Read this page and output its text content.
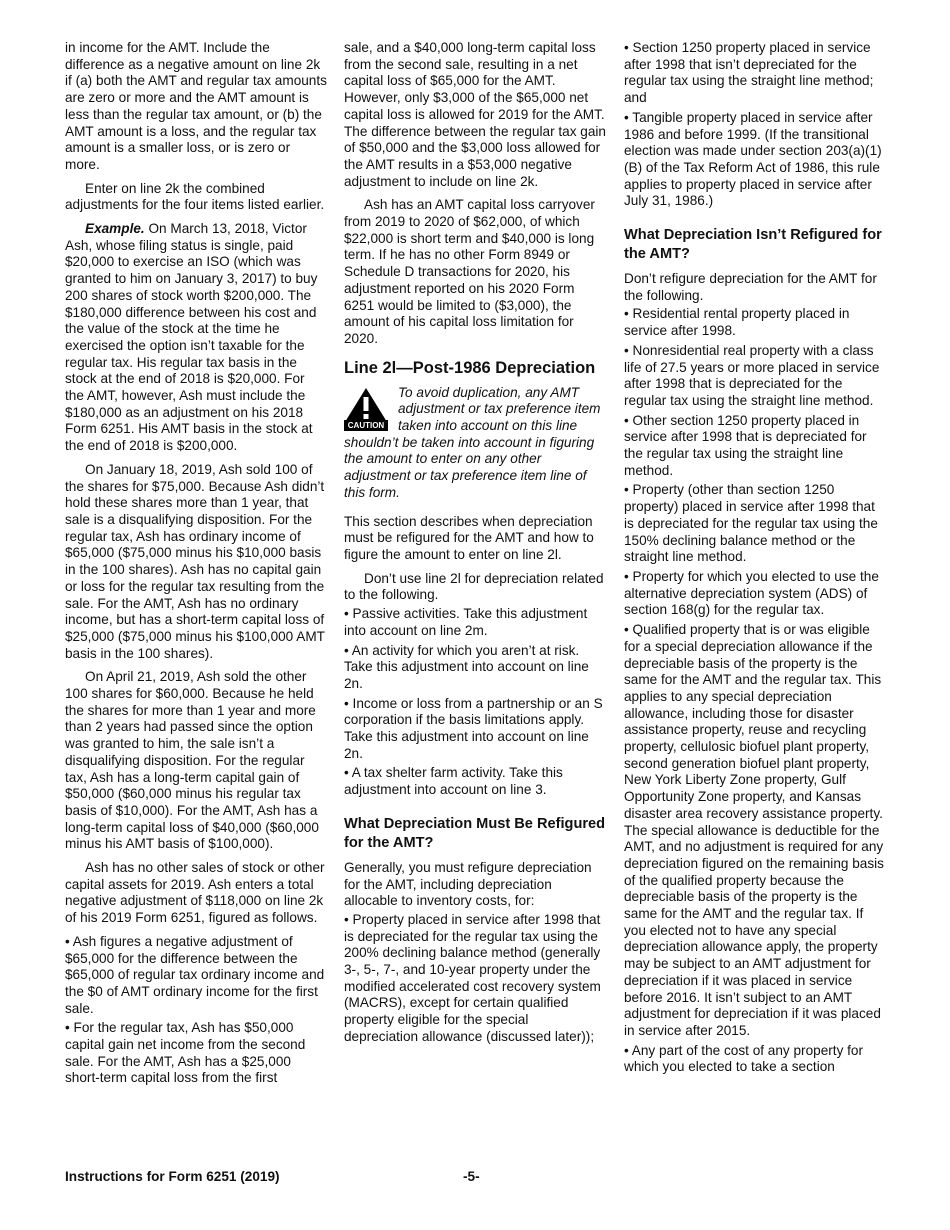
in income for the AMT. Include the difference as a negative amount on line 2k if (a) both the AMT and regular tax amounts are zero or more and the AMT amount is less than the regular tax amount, or (b) the AMT amount is a loss, and the regular tax amount is a smaller loss, or is zero or more.

Enter on line 2k the combined adjustments for the four items listed earlier.

Example. On March 13, 2018, Victor Ash, whose filing status is single, paid $20,000 to exercise an ISO (which was granted to him on January 3, 2017) to buy 200 shares of stock worth $200,000. The $180,000 difference between his cost and the value of the stock at the time he exercised the option isn’t taxable for the regular tax. His regular tax basis in the stock at the end of 2018 is $20,000. For the AMT, however, Ash must include the $180,000 as an adjustment on his 2018 Form 6251. His AMT basis in the stock at the end of 2018 is $200,000.

On January 18, 2019, Ash sold 100 of the shares for $75,000. Because Ash didn’t hold these shares more than 1 year, that sale is a disqualifying disposition. For the regular tax, Ash has ordinary income of $65,000 ($75,000 minus his $10,000 basis in the 100 shares). Ash has no capital gain or loss for the regular tax resulting from the sale. For the AMT, Ash has no ordinary income, but has a short-term capital loss of $25,000 ($75,000 minus his $100,000 AMT basis in the 100 shares).

On April 21, 2019, Ash sold the other 100 shares for $60,000. Because he held the shares for more than 1 year and more than 2 years had passed since the option was granted to him, the sale isn’t a disqualifying disposition. For the regular tax, Ash has a long-term capital gain of $50,000 ($60,000 minus his regular tax basis of $10,000). For the AMT, Ash has a long-term capital loss of $40,000 ($60,000 minus his AMT basis of $100,000).

Ash has no other sales of stock or other capital assets for 2019. Ash enters a total negative adjustment of $118,000 on line 2k of his 2019 Form 6251, figured as follows.

• Ash figures a negative adjustment of $65,000 for the difference between the $65,000 of regular tax ordinary income and the $0 of AMT ordinary income for the first sale.

• For the regular tax, Ash has $50,000 capital gain net income from the second sale. For the AMT, Ash has a $25,000 short-term capital loss from the first

sale, and a $40,000 long-term capital loss from the second sale, resulting in a net capital loss of $65,000 for the AMT. However, only $3,000 of the $65,000 net capital loss is allowed for 2019 for the AMT. The difference between the regular tax gain of $50,000 and the $3,000 loss allowed for the AMT results in a $53,000 negative adjustment to include on line 2k.

Ash has an AMT capital loss carryover from 2019 to 2020 of $62,000, of which $22,000 is short term and $40,000 is long term. If he has no other Form 8949 or Schedule D transactions for 2020, his adjustment reported on his 2020 Form 6251 would be limited to ($3,000), the amount of his capital loss limitation for 2020.

Line 2l—Post-1986 Depreciation
CAUTION
To avoid duplication, any AMT adjustment or tax preference item taken into account on this line shouldn’t be taken into account in figuring the amount to enter on any other adjustment or tax preference item line of this form.

This section describes when depreciation must be refigured for the AMT and how to figure the amount to enter on line 2l.

Don’t use line 2l for depreciation related to the following.

• Passive activities. Take this adjustment into account on line 2m.

• An activity for which you aren’t at risk. Take this adjustment into account on line 2n.

• Income or loss from a partnership or an S corporation if the basis limitations apply. Take this adjustment into account on line 2n.

• A tax shelter farm activity. Take this adjustment into account on line 3.

What Depreciation Must Be Refigured for the AMT?

Generally, you must refigure depreciation for the AMT, including depreciation allocable to inventory costs, for:

• Property placed in service after 1998 that is depreciated for the regular tax using the 200% declining balance method (generally 3-, 5-, 7-, and 10-year property under the modified accelerated cost recovery system (MACRS), except for certain qualified property eligible for the special depreciation allowance (discussed later));

• Section 1250 property placed in service after 1998 that isn’t depreciated for the regular tax using the straight line method; and

• Tangible property placed in service after 1986 and before 1999. (If the transitional election was made under section 203(a)(1)(B) of the Tax Reform Act of 1986, this rule applies to property placed in service after July 31, 1986.)

What Depreciation Isn’t Refigured for the AMT?

Don’t refigure depreciation for the AMT for the following.

• Residential rental property placed in service after 1998.

• Nonresidential real property with a class life of 27.5 years or more placed in service after 1998 that is depreciated for the regular tax using the straight line method.

• Other section 1250 property placed in service after 1998 that is depreciated for the regular tax using the straight line method.

• Property (other than section 1250 property) placed in service after 1998 that is depreciated for the regular tax using the 150% declining balance method or the straight line method.

• Property for which you elected to use the alternative depreciation system (ADS) of section 168(g) for the regular tax.

• Qualified property that is or was eligible for a special depreciation allowance if the depreciable basis of the property is the same for the AMT and the regular tax. This applies to any special depreciation allowance, including those for disaster assistance property, reuse and recycling property, cellulosic biofuel plant property, second generation biofuel plant property, New York Liberty Zone property, Gulf Opportunity Zone property, and Kansas disaster area recovery assistance property. The special allowance is deductible for the AMT, and no adjustment is required for any depreciation figured on the remaining basis of the qualified property because the depreciable basis of the property is the same for the AMT and the regular tax. If you elected not to have any special depreciation allowance apply, the property may be subject to an AMT adjustment for depreciation if it was placed in service before 2016. It isn’t subject to an AMT adjustment for depreciation if it was placed in service after 2015.

• Any part of the cost of any property for which you elected to take a section

Instructions for Form 6251 (2019)	-5-
